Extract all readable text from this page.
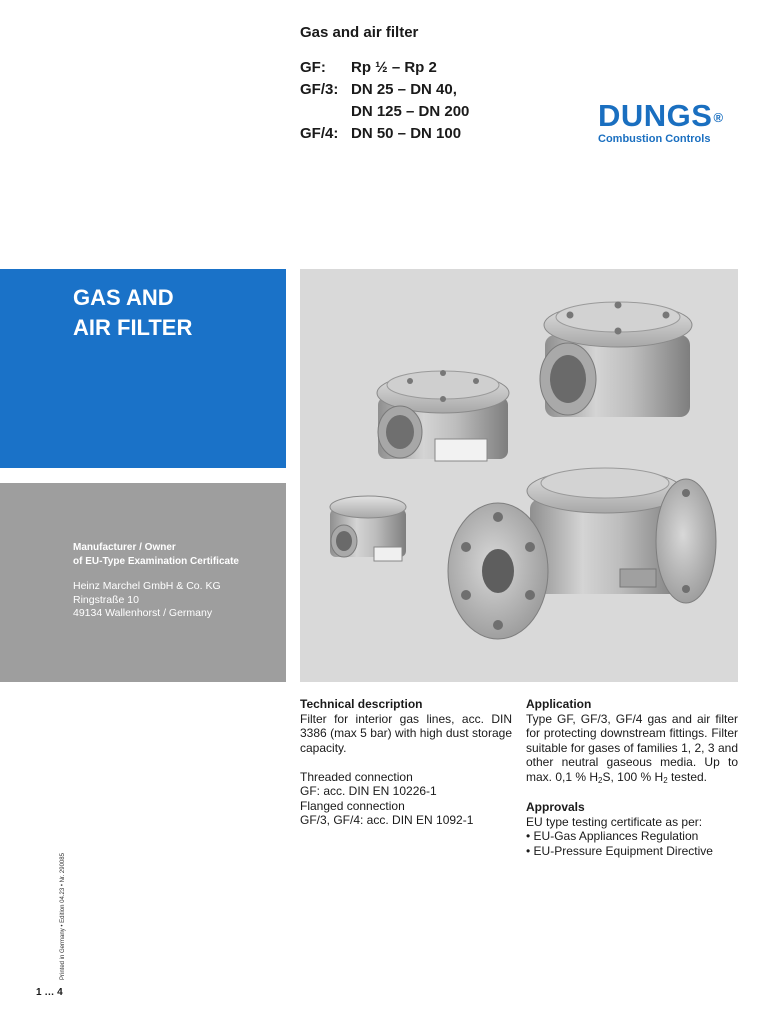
Gas and air filter
GF: Rp ½ – Rp 2
GF/3: DN 25 – DN 40,
DN 125 – DN 200
GF/4: DN 50 – DN 100
DUNGS®
Combustion Controls
GAS AND
AIR FILTER
Manufacturer / Owner
of EU-Type Examination Certificate
Heinz Marchel GmbH & Co. KG
Ringstraße 10
49134 Wallenhorst / Germany
Technical description

Filter for interior gas lines, acc. DIN 3386 (max 5 bar) with high dust storage capacity.

Threaded connection
GF: acc. DIN EN 10226-1
Flanged connection
GF/3, GF/4: acc. DIN EN 1092-1
Application
Type GF, GF/3, GF/4 gas and air filter for protecting downstream fittings. Filter suitable for gases of families 1, 2, 3 and other neutral gaseous media. Up to max. 0,1 % $H_2S$, 100 % $H_2$ tested.
Approvals
EU type testing certificate as per:
• EU-Gas Appliances Regulation
• EU-Pressure Equipment Directive
Printed in Germany • Edition 04.23 • Nr. 290085
1 … 4
